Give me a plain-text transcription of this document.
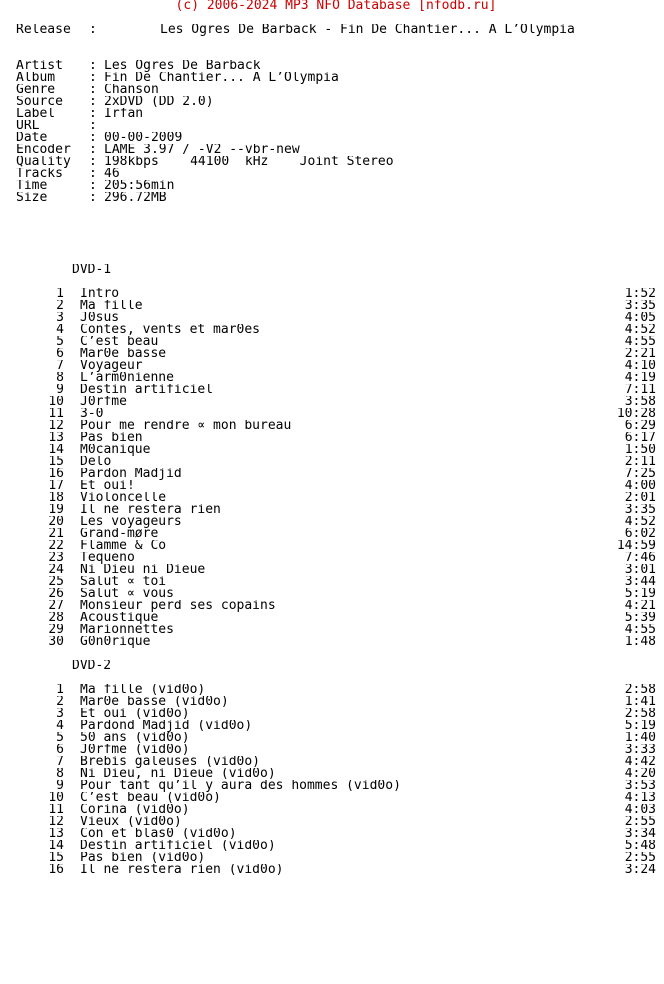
(c) 2006-2024 MP3 NFO Database [nfodb.ru]
Release	:	Les Ogres De Barback - Fin De Chantier... A L’Olympia
Artist	: Les Ogres De Barback
Album	: Fin De Chantier... A L’Olympia
Genre	: Chanson
Source	: 2xDVD (DD 2.0)
Label	: Irfan
URL	:
Date	: 00-00-2009
Encoder	: LAME 3.97 / -V2 --vbr-new
Quality	: 198kbps    44100  kHz    Joint Stereo
Tracks	: 46
Time	: 205:56min
Size	: 296.72MB
DVD-1
1	Intro	1:52
2	Ma fille	3:35
3	J0sus	4:05
4	Contes, vents et mar0es	4:52
5	C’est beau	4:55
6	Mar0e basse	2:21
7	Voyageur	4:10
8	L’arm0nienne	4:19
9	Destin artificiel	7:11
10	J0rfme	3:58
11	3-0	10:28
12	Pour me rendre ∝ mon bureau	6:29
13	Pas bien	6:17
14	M0canique	1:50
15	Delo	2:11
16	Pardon Madjid	7:25
17	Et oui!	4:00
18	Violoncelle	2:01
19	Il ne restera rien	3:35
20	Les voyageurs	4:52
21	Grand-møre	6:02
22	Flamme & Co	14:59
23	Tequeno	7:46
24	Ni Dieu ni Dieue	3:01
25	Salut ∝ toi	3:44
26	Salut ∝ vous	5:19
27	Monsieur perd ses copains	4:21
28	Acoustique	5:39
29	Marionnettes	4:55
30	G0n0rique	1:48
DVD-2
1	Ma fille (vid0o)	2:58
2	Mar0e basse (vid0o)	1:41
3	Et oui (vid0o)	2:58
4	Pardond Madjid (vid0o)	5:19
5	50 ans (vid0o)	1:40
6	J0rfme (vid0o)	3:33
7	Brebis galeuses (vid0o)	4:42
8	Ni Dieu, ni Dieue (vid0o)	4:20
9	Pour tant qu’il y aura des hommes (vid0o)	3:53
10	C’est beau (vid0o)	4:13
11	Corina (vid0o)	4:03
12	Vieux (vid0o)	2:55
13	Con et blas0 (vid0o)	3:34
14	Destin artificiel (vid0o)	5:48
15	Pas bien (vid0o)	2:55
16	Il ne restera rien (vid0o)	3:24
